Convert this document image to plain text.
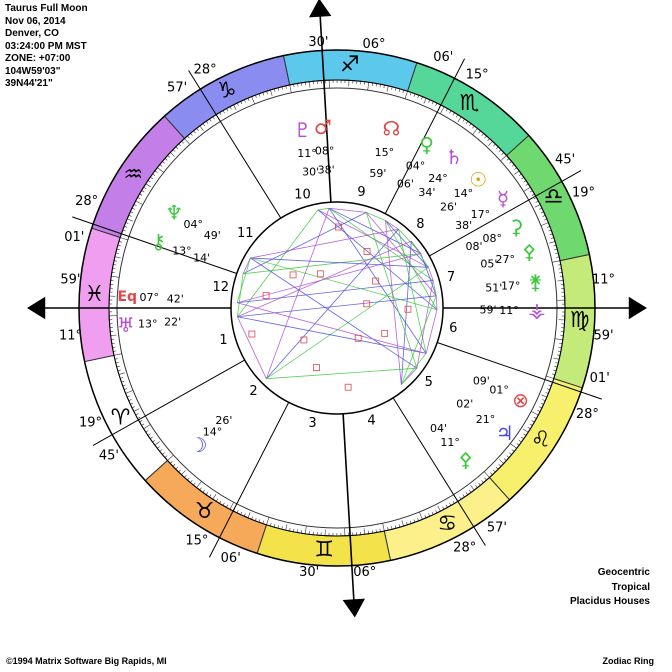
Taurus Full Moon
Nov 06, 2014
Denver, CO
03:24:00 PM MST
ZONE: +07:00
104W59'03"
39N44'21"
♈
♉
♊
♋
♌
♍
♎
♏
♐
♑
♒
♓
06°
30'
06°
30'
11°
59'	11°
59'
28°
57'
28°
01'
19°
45'
15°
06'
28°
57'
28°
01'
19°
45'
15°
06'
1
2
3	4
5
6
7
8
9
10
11
12
♇
11°
30'
♂
08°
38'
☊
15°
59'
♀
04°
06'
♄
24°
34'	☿
17°
38'
☉
14°
26'
⚳
08°
08' ⚴
27°
05'
⚵
17°
51'
⚶
11°
59'
♆ 04°
49'
⚷ 13°
14'
Eq 07° 42'
♅ 13° 22'
☽
14°
26'
♃
21°
02'
⚴
11°
04'
⊗
01°
09'
Geocentric
Tropical
Placidus Houses
©1994 Matrix Software Big Rapids, MI	Zodiac Ring
